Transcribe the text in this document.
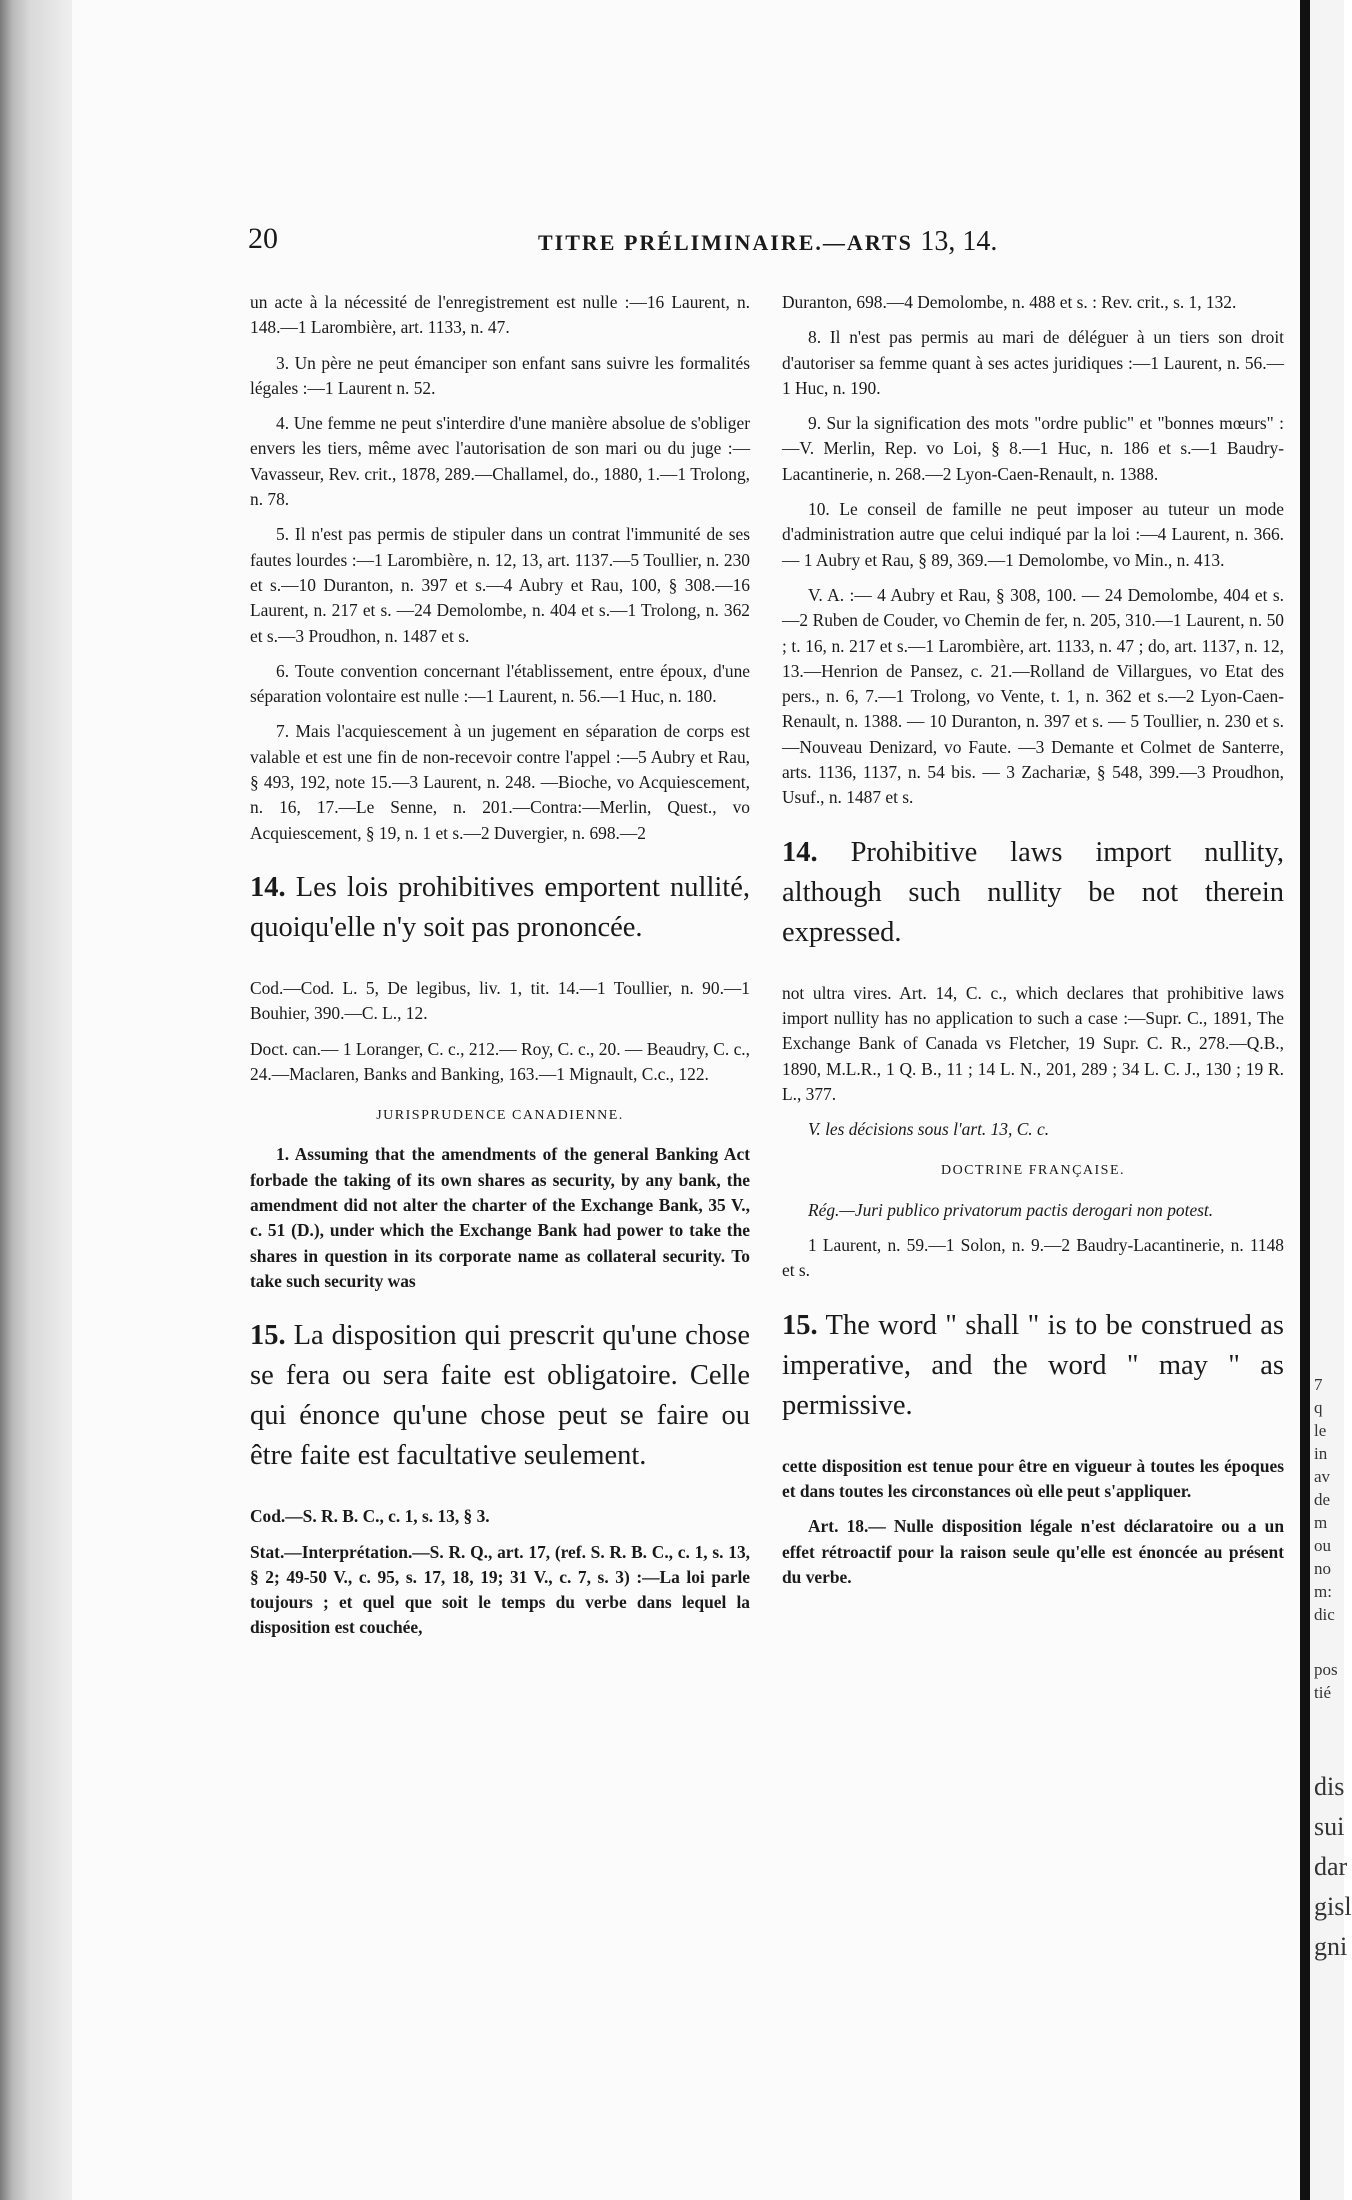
7
q
le
in
av
de
m
ou
no
m:
dic
pos
tié
dis
sui
dar
gisl
gni
20	TITRE PRÉLIMINAIRE.—ARTS 13, 14.

un acte à la nécessité de l'enregistrement est nulle :—16 Laurent, n. 148.—1 Larombière, art. 1133, n. 47.

3. Un père ne peut émanciper son enfant sans suivre les formalités légales :—1 Laurent n. 52.

4. Une femme ne peut s'interdire d'une manière absolue de s'obliger envers les tiers, même avec l'autorisation de son mari ou du juge :—Vavasseur, Rev. crit., 1878, 289.—Challamel, do., 1880, 1.—1 Trolong, n. 78.

5. Il n'est pas permis de stipuler dans un contrat l'immunité de ses fautes lourdes :—1 Larombière, n. 12, 13, art. 1137.—5 Toullier, n. 230 et s.—10 Duranton, n. 397 et s.—4 Aubry et Rau, 100, § 308.—16 Laurent, n. 217 et s. —24 Demolombe, n. 404 et s.—1 Trolong, n. 362 et s.—3 Proudhon, n. 1487 et s.

6. Toute convention concernant l'établissement, entre époux, d'une séparation volontaire est nulle :—1 Laurent, n. 56.—1 Huc, n. 180.

7. Mais l'acquiescement à un jugement en séparation de corps est valable et est une fin de non-recevoir contre l'appel :—5 Aubry et Rau, § 493, 192, note 15.—3 Laurent, n. 248. —Bioche, vo Acquiescement, n. 16, 17.—Le Senne, n. 201.—Contra:—Merlin, Quest., vo Acquiescement, § 19, n. 1 et s.—2 Duvergier, n. 698.—2

14. Les lois prohibitives emportent nullité, quoiqu'elle n'y soit pas prononcée.

Cod.—Cod. L. 5, De legibus, liv. 1, tit. 14.—1 Toullier, n. 90.—1 Bouhier, 390.—C. L., 12.

Doct. can.— 1 Loranger, C. c., 212.— Roy, C. c., 20. — Beaudry, C. c., 24.—Maclaren, Banks and Banking, 163.—1 Mignault, C.c., 122.

JURISPRUDENCE CANADIENNE.

1. Assuming that the amendments of the general Banking Act forbade the taking of its own shares as security, by any bank, the amendment did not alter the charter of the Exchange Bank, 35 V., c. 51 (D.), under which the Exchange Bank had power to take the shares in question in its corporate name as collateral security. To take such security was

15. La disposition qui prescrit qu'une chose se fera ou sera faite est obligatoire. Celle qui énonce qu'une chose peut se faire ou être faite est facultative seulement.

Cod.—S. R. B. C., c. 1, s. 13, § 3.

Stat.—Interprétation.—S. R. Q., art. 17, (ref. S. R. B. C., c. 1, s. 13, § 2; 49-50 V., c. 95, s. 17, 18, 19; 31 V., c. 7, s. 3) :—La loi parle toujours ; et quel que soit le temps du verbe dans lequel la disposition est couchée,

Duranton, 698.—4 Demolombe, n. 488 et s. : Rev. crit., s. 1, 132.

8. Il n'est pas permis au mari de déléguer à un tiers son droit d'autoriser sa femme quant à ses actes juridiques :—1 Laurent, n. 56.— 1 Huc, n. 190.

9. Sur la signification des mots "ordre public" et "bonnes mœurs" :—V. Merlin, Rep. vo Loi, § 8.—1 Huc, n. 186 et s.—1 Baudry-Lacantinerie, n. 268.—2 Lyon-Caen-Renault, n. 1388.

10. Le conseil de famille ne peut imposer au tuteur un mode d'administration autre que celui indiqué par la loi :—4 Laurent, n. 366.— 1 Aubry et Rau, § 89, 369.—1 Demolombe, vo Min., n. 413.

V. A. :— 4 Aubry et Rau, § 308, 100. — 24 Demolombe, 404 et s.—2 Ruben de Couder, vo Chemin de fer, n. 205, 310.—1 Laurent, n. 50 ; t. 16, n. 217 et s.—1 Larombière, art. 1133, n. 47 ; do, art. 1137, n. 12, 13.—Henrion de Pansez, c. 21.—Rolland de Villargues, vo Etat des pers., n. 6, 7.—1 Trolong, vo Vente, t. 1, n. 362 et s.—2 Lyon-Caen-Renault, n. 1388. — 10 Duranton, n. 397 et s. — 5 Toullier, n. 230 et s.—Nouveau Denizard, vo Faute. —3 Demante et Colmet de Santerre, arts. 1136, 1137, n. 54 bis. — 3 Zachariæ, § 548, 399.—3 Proudhon, Usuf., n. 1487 et s.

14. Prohibitive laws import nullity, although such nullity be not therein expressed.

not ultra vires. Art. 14, C. c., which declares that prohibitive laws import nullity has no application to such a case :—Supr. C., 1891, The Exchange Bank of Canada vs Fletcher, 19 Supr. C. R., 278.—Q.B., 1890, M.L.R., 1 Q. B., 11 ; 14 L. N., 201, 289 ; 34 L. C. J., 130 ; 19 R. L., 377.

V. les décisions sous l'art. 13, C. c.

DOCTRINE FRANÇAISE.

Rég.—Juri publico privatorum pactis derogari non potest.

1 Laurent, n. 59.—1 Solon, n. 9.—2 Baudry-Lacantinerie, n. 1148 et s.

15. The word " shall " is to be construed as imperative, and the word " may " as permissive.

cette disposition est tenue pour être en vigueur à toutes les époques et dans toutes les circonstances où elle peut s'appliquer.

Art. 18.— Nulle disposition légale n'est déclaratoire ou a un effet rétroactif pour la raison seule qu'elle est énoncée au présent du verbe.
